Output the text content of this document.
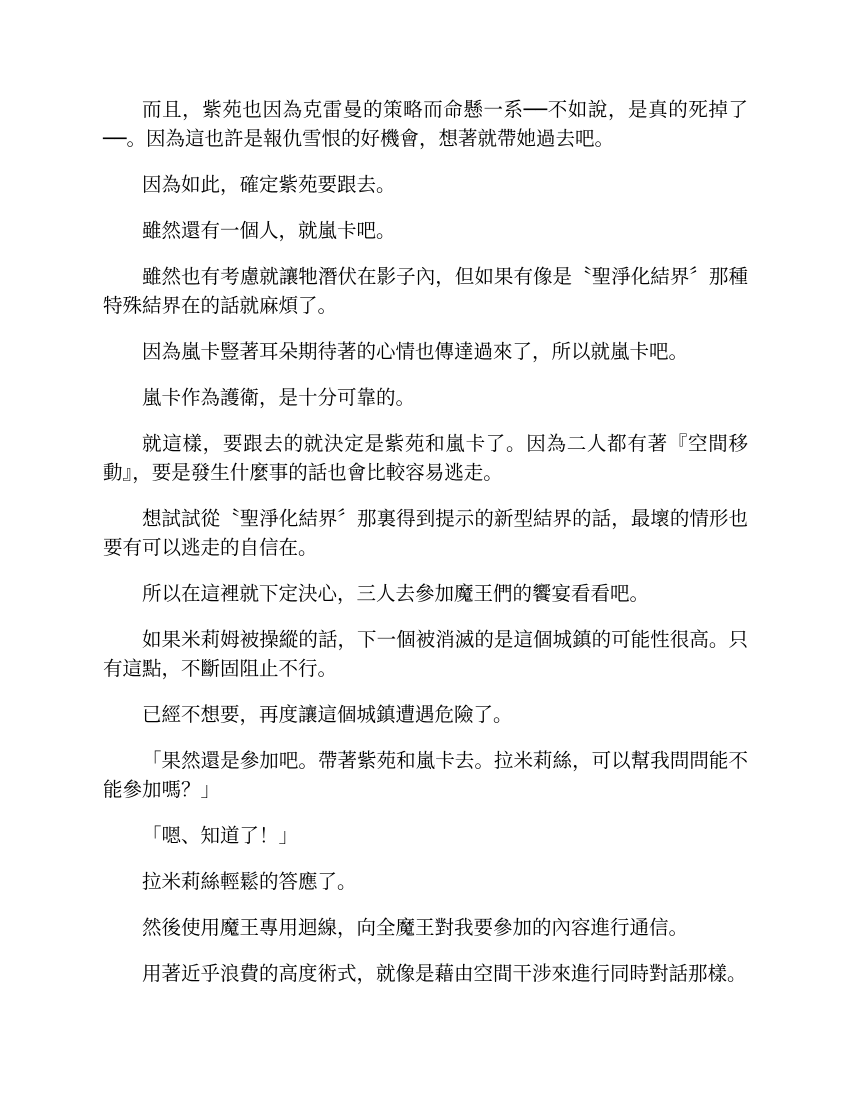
而且，紫苑也因為克雷曼的策略而命懸一系──不如說，是真的死掉了──。因為這也許是報仇雪恨的好機會，想著就帶她過去吧。

因為如此，確定紫苑要跟去。

雖然還有一個人，就嵐卡吧。

雖然也有考慮就讓牠潛伏在影子內，但如果有像是〝聖淨化結界〞那種特殊結界在的話就麻煩了。

因為嵐卡豎著耳朵期待著的心情也傳達過來了，所以就嵐卡吧。

嵐卡作為護衛，是十分可靠的。

就這樣，要跟去的就決定是紫苑和嵐卡了。因為二人都有著『空間移動』，要是發生什麼事的話也會比較容易逃走。

想試試從〝聖淨化結界〞那裏得到提示的新型結界的話，最壞的情形也要有可以逃走的自信在。

所以在這裡就下定決心，三人去參加魔王們的饗宴看看吧。

如果米莉姆被操縱的話，下一個被消滅的是這個城鎮的可能性很高。只有這點，不斷固阻止不行。

已經不想要，再度讓這個城鎮遭遇危險了。

「果然還是參加吧。帶著紫苑和嵐卡去。拉米莉絲，可以幫我問問能不能參加嗎？」

「嗯、知道了！」

拉米莉絲輕鬆的答應了。

然後使用魔王專用迴線，向全魔王對我要參加的內容進行通信。

用著近乎浪費的高度術式，就像是藉由空間干涉來進行同時對話那樣。
